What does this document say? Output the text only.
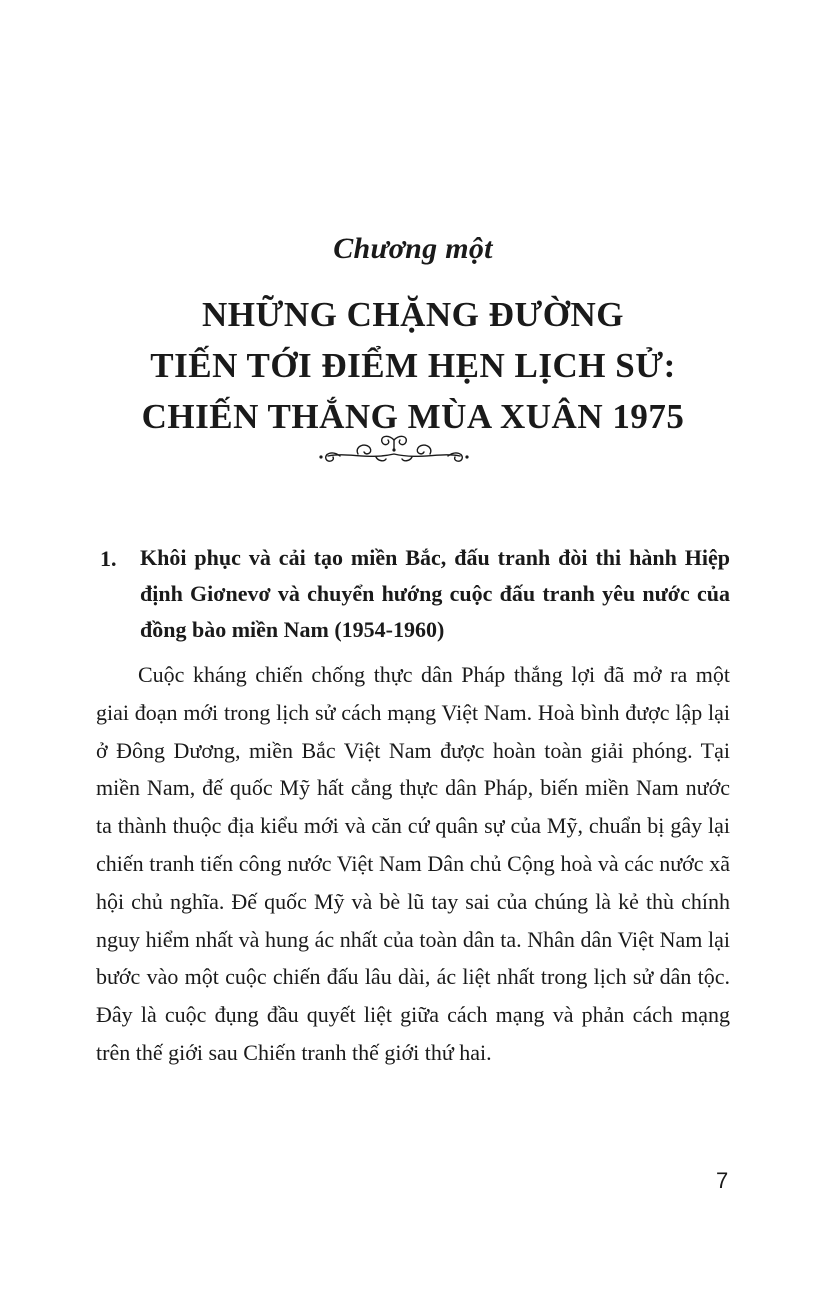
Chương một
NHỮNG CHẶNG ĐƯỜNG
TIẾN TỚI ĐIỂM HẸN LỊCH SỬ:
CHIẾN THẮNG MÙA XUÂN 1975
1. Khôi phục và cải tạo miền Bắc, đấu tranh đòi thi hành Hiệp định Giơnevơ và chuyển hướng cuộc đấu tranh yêu nước của đồng bào miền Nam (1954-1960)

Cuộc kháng chiến chống thực dân Pháp thắng lợi đã mở ra một giai đoạn mới trong lịch sử cách mạng Việt Nam. Hoà bình được lập lại ở Đông Dương, miền Bắc Việt Nam được hoàn toàn giải phóng. Tại miền Nam, đế quốc Mỹ hất cẳng thực dân Pháp, biến miền Nam nước ta thành thuộc địa kiểu mới và căn cứ quân sự của Mỹ, chuẩn bị gây lại chiến tranh tiến công nước Việt Nam Dân chủ Cộng hoà và các nước xã hội chủ nghĩa. Đế quốc Mỹ và bè lũ tay sai của chúng là kẻ thù chính nguy hiểm nhất và hung ác nhất của toàn dân ta. Nhân dân Việt Nam lại bước vào một cuộc chiến đấu lâu dài, ác liệt nhất trong lịch sử dân tộc. Đây là cuộc đụng đầu quyết liệt giữa cách mạng và phản cách mạng trên thế giới sau Chiến tranh thế giới thứ hai.

7
